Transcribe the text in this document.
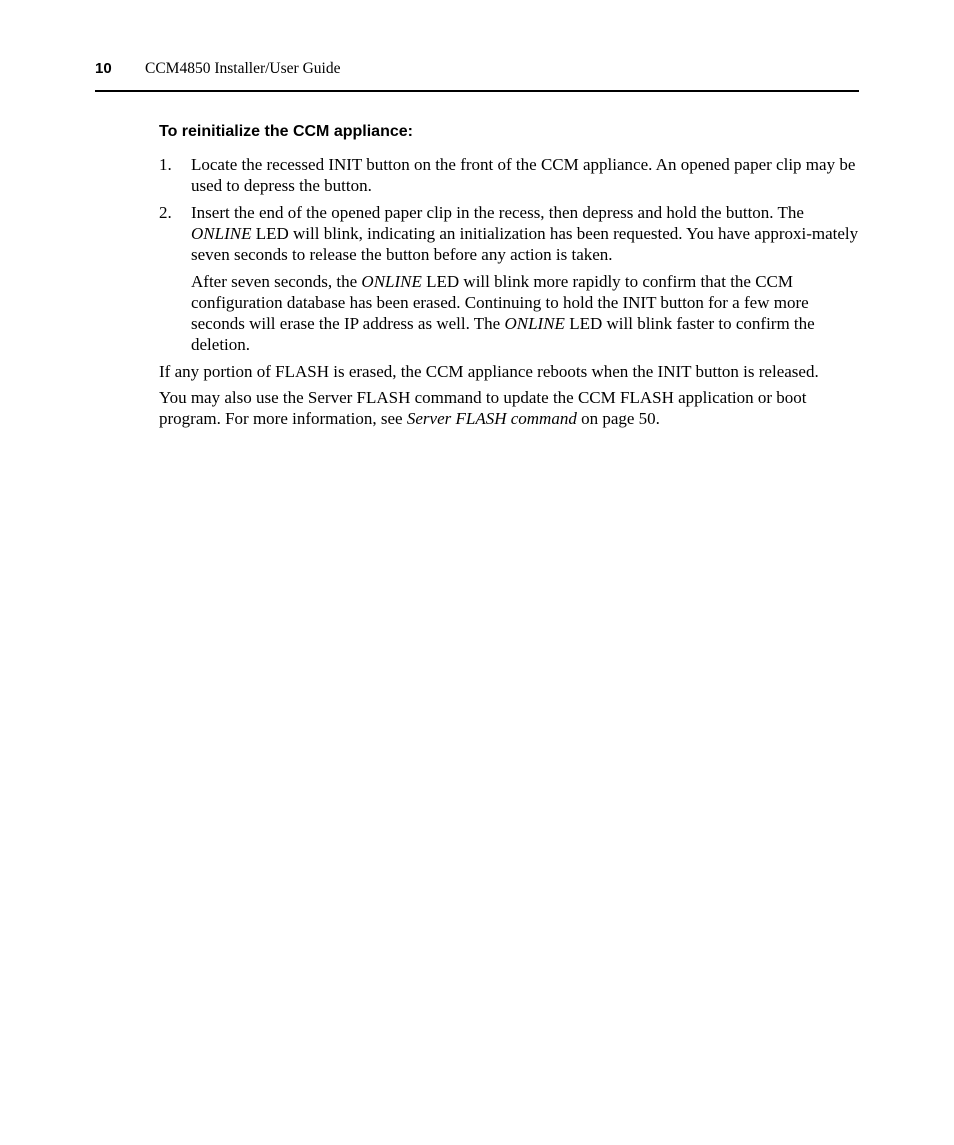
10 CCM4850 Installer/User Guide
To reinitialize the CCM appliance:
1. Locate the recessed INIT button on the front of the CCM appliance. An opened paper clip may be used to depress the button.

2. Insert the end of the opened paper clip in the recess, then depress and hold the button. The ONLINE LED will blink, indicating an initialization has been requested. You have approxi-mately seven seconds to release the button before any action is taken.

After seven seconds, the ONLINE LED will blink more rapidly to confirm that the CCM configuration database has been erased. Continuing to hold the INIT button for a few more seconds will erase the IP address as well. The ONLINE LED will blink faster to confirm the deletion.

If any portion of FLASH is erased, the CCM appliance reboots when the INIT button is released.

You may also use the Server FLASH command to update the CCM FLASH application or boot program. For more information, see Server FLASH command on page 50.
